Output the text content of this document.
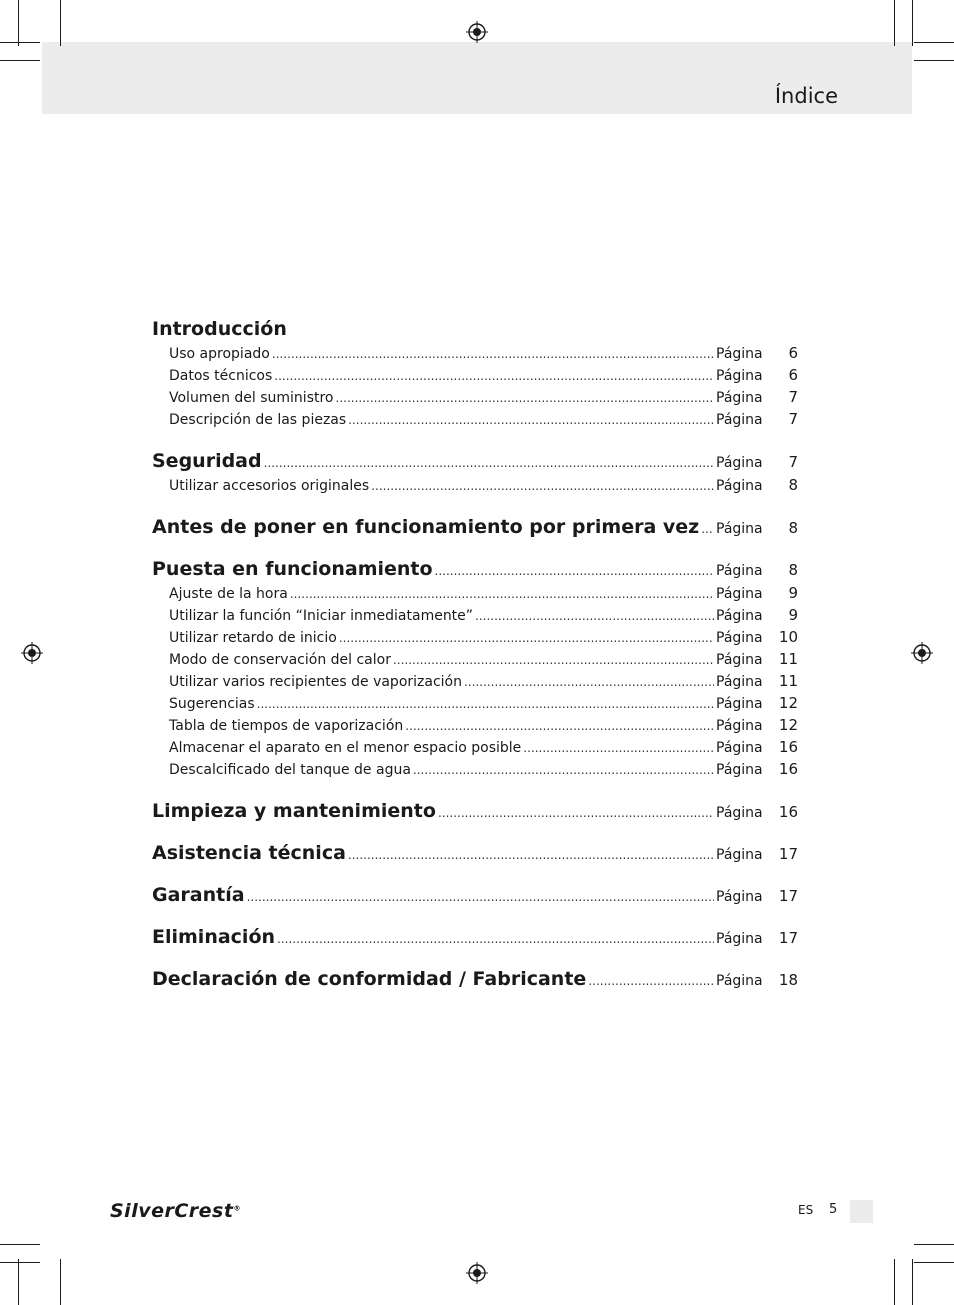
Índice
Introducción
Uso apropiado .....	Página	6
Datos técnicos .....	Página	6
Volumen del suministro .....	Página	7
Descripción de las piezas .....	Página	7
Seguridad .....	Página	7
Utilizar accesorios originales .....	Página	8
Antes de poner en funcionamiento por primera vez ..... Página	8
Puesta en funcionamiento .....	Página	8
Ajuste de la hora .....	Página	9
Utilizar la función “Iniciar inmediatamente” .....	Página	9
Utilizar retardo de inicio .....	Página	10
Modo de conservación del calor .....	Página	11
Utilizar varios recipientes de vaporización .....	Página	11
Sugerencias .....	Página	12
Tabla de tiempos de vaporización .....	Página	12
Almacenar el aparato en el menor espacio posible .....	Página	16
Descalcificado del tanque de agua .....	Página	16
Limpieza y mantenimiento .....	Página	16
Asistencia técnica .....	Página	17
Garantía .....	Página	17
Eliminación .....	Página	17
Declaración de conformidad / Fabricante .....	Página	18
SilverCrest®	ES 5
